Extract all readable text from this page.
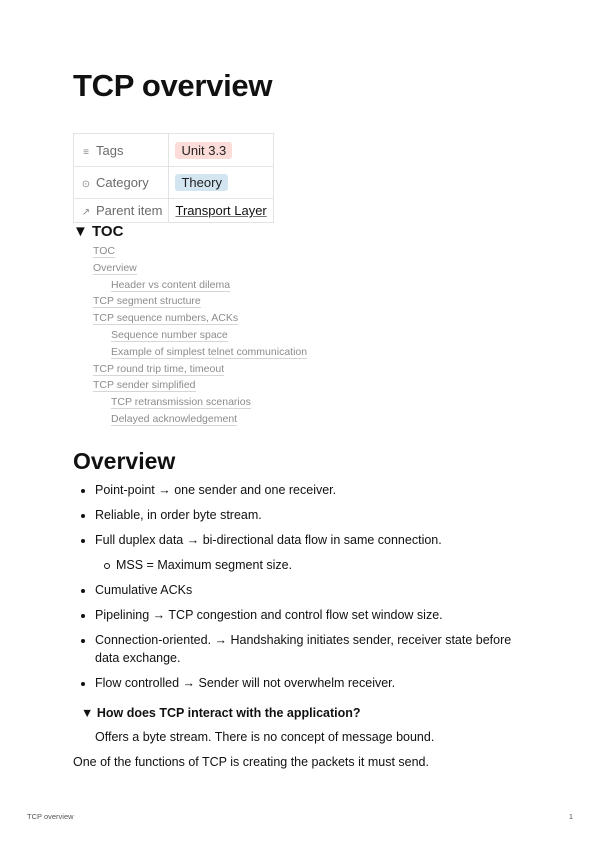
TCP overview
≡ Tags	Unit 3.3
⊙ Category	Theory
↗ Parent item	Transport Layer
▼ TOC
TOC
Overview
Header vs content dilema
TCP segment structure
TCP sequence numbers, ACKs
Sequence number space
Example of simplest telnet communication
TCP round trip time, timeout
TCP sender simplified
TCP retransmission scenarios
Delayed acknowledgement
Overview
Point-point → one sender and one receiver.
Reliable, in order byte stream.
Full duplex data → bi-directional data flow in same connection.
MSS = Maximum segment size.
Cumulative ACKs
Pipelining → TCP congestion and control flow set window size.
Connection-oriented. → Handshaking initiates sender, receiver state before data exchange.
Flow controlled → Sender will not overwhelm receiver.
▼ How does TCP interact with the application?
Offers a byte stream. There is no concept of message bound.
One of the functions of TCP is creating the packets it must send.
TCP overview	1
